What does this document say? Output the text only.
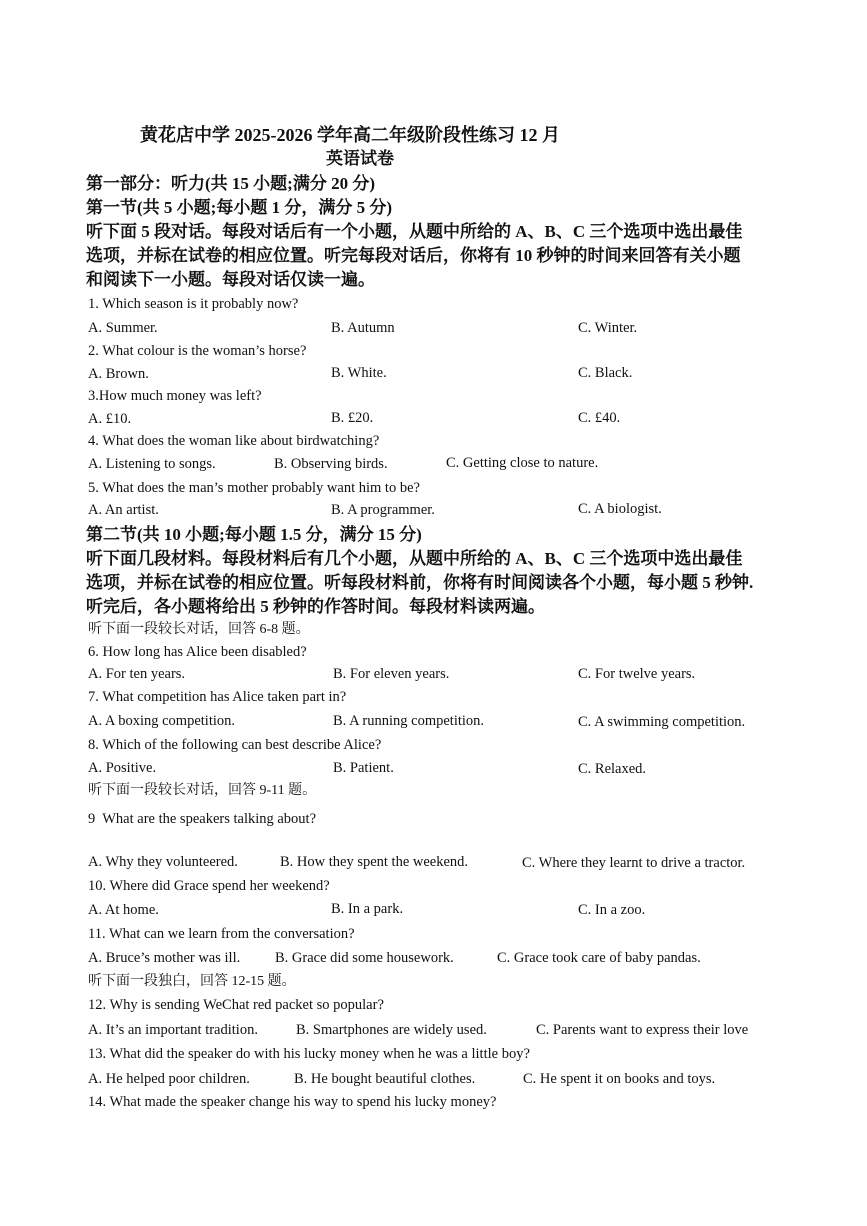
黄花店中学 2025-2026 学年高二年级阶段性练习 12 月
英语试卷
第一部分：听力(共 15 小题;满分 20 分)
第一节(共 5 小题;每小题 1 分，满分 5 分)
听下面 5 段对话。每段对话后有一个小题，从题中所给的 A、B、C 三个选项中选出最佳
选项，并标在试卷的相应位置。听完每段对话后，你将有 10 秒钟的时间来回答有关小题
和阅读下一小题。每段对话仅读一遍。
1. Which season is it probably now?
A. Summer.	B. Autumn	C. Winter.
2. What colour is the woman’s horse?
A. Brown.	B. White.	C. Black.
3.How much money was left?
A. £10.	B. £20.	C. £40.
4. What does the woman like about birdwatching?
A. Listening to songs.	B. Observing birds.	C. Getting close to nature.
5. What does the man’s mother probably want him to be?
A. An artist.	B. A programmer.	C. A biologist.
第二节(共 10 小题;每小题 1.5 分，满分 15 分)
听下面几段材料。每段材料后有几个小题，从题中所给的 A、B、C 三个选项中选出最佳
选项，并标在试卷的相应位置。听每段材料前，你将有时间阅读各个小题，每小题 5 秒钟.
听完后，各小题将给出 5 秒钟的作答时间。每段材料读两遍。
听下面一段较长对话，回答 6-8 题。
6. How long has Alice been disabled?
A. For ten years.	B. For eleven years.	C. For twelve years.
7. What competition has Alice taken part in?
A. A boxing competition.	B. A running competition.	C. A swimming competition.
8. Which of the following can best describe Alice?
A. Positive.	B. Patient.	C. Relaxed.
听下面一段较长对话，回答 9-11 题。
9  What are the speakers talking about?
A. Why they volunteered.	B. How they spent the weekend.	C. Where they learnt to drive a tractor.
10. Where did Grace spend her weekend?
A. At home.	B. In a park.	C. In a zoo.
11. What can we learn from the conversation?
A. Bruce’s mother was ill. B. Grace did some housework.	C. Grace took care of baby pandas.
听下面一段独白，回答 12-15 题。
12. Why is sending WeChat red packet so popular?
A. It’s an important tradition.	B. Smartphones are widely used.	C. Parents want to express their love
13. What did the speaker do with his lucky money when he was a little boy?
A. He helped poor children.	B. He bought beautiful clothes.	C. He spent it on books and toys.
14. What made the speaker change his way to spend his lucky money?
